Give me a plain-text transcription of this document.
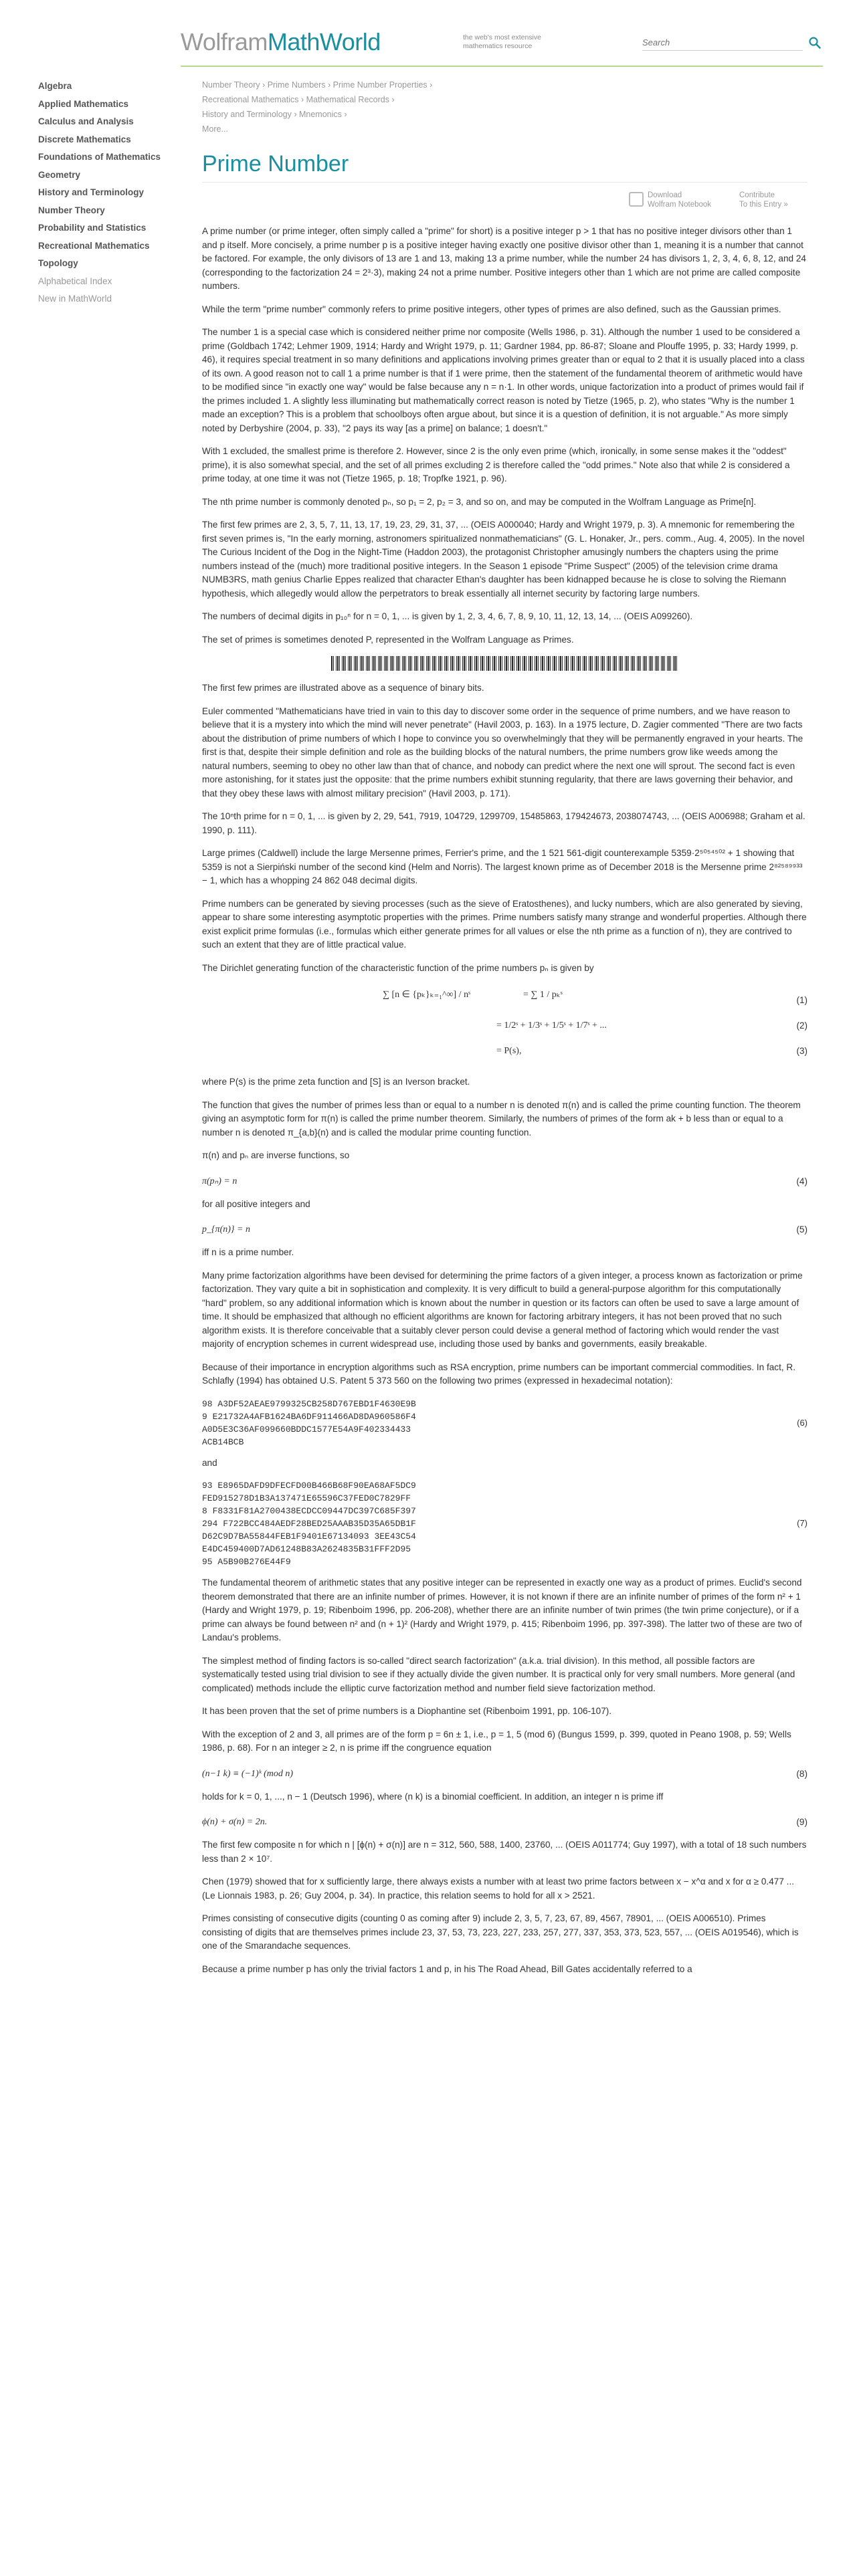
WolframMathWorld	the web's most extensive
mathematics resource
Search
Algebra
Applied Mathematics
Calculus and Analysis
Discrete Mathematics
Foundations of Mathematics
Geometry
History and Terminology
Number Theory
Probability and Statistics
Recreational Mathematics
Topology
Alphabetical Index
New in MathWorld
Number Theory › Prime Numbers › Prime Number Properties ›
Recreational Mathematics › Mathematical Records ›
History and Terminology › Mnemonics ›
More...
Prime Number
Download
Wolfram Notebook
Contribute
To this Entry »

A prime number (or prime integer, often simply called a "prime" for short) is a positive integer p > 1 that has no positive integer divisors other than 1 and p itself. More concisely, a prime number p is a positive integer having exactly one positive divisor other than 1, meaning it is a number that cannot be factored. For example, the only divisors of 13 are 1 and 13, making 13 a prime number, while the number 24 has divisors 1, 2, 3, 4, 6, 8, 12, and 24 (corresponding to the factorization 24 = 2³·3), making 24 not a prime number. Positive integers other than 1 which are not prime are called composite numbers.

While the term "prime number" commonly refers to prime positive integers, other types of primes are also defined, such as the Gaussian primes.

The number 1 is a special case which is considered neither prime nor composite (Wells 1986, p. 31). Although the number 1 used to be considered a prime (Goldbach 1742; Lehmer 1909, 1914; Hardy and Wright 1979, p. 11; Gardner 1984, pp. 86-87; Sloane and Plouffe 1995, p. 33; Hardy 1999, p. 46), it requires special treatment in so many definitions and applications involving primes greater than or equal to 2 that it is usually placed into a class of its own. A good reason not to call 1 a prime number is that if 1 were prime, then the statement of the fundamental theorem of arithmetic would have to be modified since "in exactly one way" would be false because any n = n·1. In other words, unique factorization into a product of primes would fail if the primes included 1. A slightly less illuminating but mathematically correct reason is noted by Tietze (1965, p. 2), who states "Why is the number 1 made an exception? This is a problem that schoolboys often argue about, but since it is a question of definition, it is not arguable." As more simply noted by Derbyshire (2004, p. 33), "2 pays its way [as a prime] on balance; 1 doesn't."

With 1 excluded, the smallest prime is therefore 2. However, since 2 is the only even prime (which, ironically, in some sense makes it the "oddest" prime), it is also somewhat special, and the set of all primes excluding 2 is therefore called the "odd primes." Note also that while 2 is considered a prime today, at one time it was not (Tietze 1965, p. 18; Tropfke 1921, p. 96).

The nth prime number is commonly denoted pₙ, so p₁ = 2, p₂ = 3, and so on, and may be computed in the Wolfram Language as Prime[n].

The first few primes are 2, 3, 5, 7, 11, 13, 17, 19, 23, 29, 31, 37, ... (OEIS A000040; Hardy and Wright 1979, p. 3). A mnemonic for remembering the first seven primes is, "In the early morning, astronomers spiritualized nonmathematicians" (G. L. Honaker, Jr., pers. comm., Aug. 4, 2005). In the novel The Curious Incident of the Dog in the Night-Time (Haddon 2003), the protagonist Christopher amusingly numbers the chapters using the prime numbers instead of the (much) more traditional positive integers. In the Season 1 episode "Prime Suspect" (2005) of the television crime drama NUMB3RS, math genius Charlie Eppes realized that character Ethan's daughter has been kidnapped because he is close to solving the Riemann hypothesis, which allegedly would allow the perpetrators to break essentially all internet security by factoring large numbers.

The numbers of decimal digits in p₁₀ⁿ for n = 0, 1, ... is given by 1, 2, 3, 4, 6, 7, 8, 9, 10, 11, 12, 13, 14, ... (OEIS A099260).

The set of primes is sometimes denoted P, represented in the Wolfram Language as Primes.

The first few primes are illustrated above as a sequence of binary bits.

Euler commented "Mathematicians have tried in vain to this day to discover some order in the sequence of prime numbers, and we have reason to believe that it is a mystery into which the mind will never penetrate" (Havil 2003, p. 163). In a 1975 lecture, D. Zagier commented "There are two facts about the distribution of prime numbers of which I hope to convince you so overwhelmingly that they will be permanently engraved in your hearts. The first is that, despite their simple definition and role as the building blocks of the natural numbers, the prime numbers grow like weeds among the natural numbers, seeming to obey no other law than that of chance, and nobody can predict where the next one will sprout. The second fact is even more astonishing, for it states just the opposite: that the prime numbers exhibit stunning regularity, that there are laws governing their behavior, and that they obey these laws with almost military precision" (Havil 2003, p. 171).

The 10ⁿth prime for n = 0, 1, ... is given by 2, 29, 541, 7919, 104729, 1299709, 15485863, 179424673, 2038074743, ... (OEIS A006988; Graham et al. 1990, p. 111).

Large primes (Caldwell) include the large Mersenne primes, Ferrier's prime, and the 1 521 561-digit counterexample 5359·2⁵⁰⁵⁴⁵⁰² + 1 showing that 5359 is not a Sierpiński number of the second kind (Helm and Norris). The largest known prime as of December 2018 is the Mersenne prime 2⁸²⁵⁸⁹⁹³³ − 1, which has a whopping 24 862 048 decimal digits.

Prime numbers can be generated by sieving processes (such as the sieve of Eratosthenes), and lucky numbers, which are also generated by sieving, appear to share some interesting asymptotic properties with the primes. Prime numbers satisfy many strange and wonderful properties. Although there exist explicit prime formulas (i.e., formulas which either generate primes for all values or else the nth prime as a function of n), they are contrived to such an extent that they are of little practical value.

The Dirichlet generating function of the characteristic function of the prime numbers pₙ is given by

∑ [n ∈ {pₖ}ₖ₌₁^∞] / nˢ	= ∑ 1 / pₖˢ
(1)
= 1/2ˢ + 1/3ˢ + 1/5ˢ + 1/7ˢ + ...	(2)
= P(s),	(3)

where P(s) is the prime zeta function and [S] is an Iverson bracket.

The function that gives the number of primes less than or equal to a number n is denoted π(n) and is called the prime counting function. The theorem giving an asymptotic form for π(n) is called the prime number theorem. Similarly, the numbers of primes of the form ak + b less than or equal to a number n is denoted π_{a,b}(n) and is called the modular prime counting function.

π(n) and pₙ are inverse functions, so

π(pₙ) = n	(4)

for all positive integers and

p_{π(n)} = n	(5)

iff n is a prime number.

Many prime factorization algorithms have been devised for determining the prime factors of a given integer, a process known as factorization or prime factorization. They vary quite a bit in sophistication and complexity. It is very difficult to build a general-purpose algorithm for this computationally "hard" problem, so any additional information which is known about the number in question or its factors can often be used to save a large amount of time. It should be emphasized that although no efficient algorithms are known for factoring arbitrary integers, it has not been proved that no such algorithm exists. It is therefore conceivable that a suitably clever person could devise a general method of factoring which would render the vast majority of encryption schemes in current widespread use, including those used by banks and governments, easily breakable.

Because of their importance in encryption algorithms such as RSA encryption, prime numbers can be important commercial commodities. In fact, R. Schlafly (1994) has obtained U.S. Patent 5 373 560 on the following two primes (expressed in hexadecimal notation):

98 A3DF52AEAE9799325CB258D767EBD1F4630E9B
9 E21732A4AFB1624BA6DF911466AD8DA960586F4
A0D5E3C36AF099660BDDC1577E54A9F402334433
ACB14BCB
(6)

and

93 E8965DAFD9DFECFD00B466B68F90EA68AF5DC9
FED915278D1B3A137471E65596C37FED0C7829FF
8 F8331F81A2700438ECDCC09447DC397C685F397
294 F722BCC484AEDF28BED25AAAB35D35A65DB1F
D62C9D7BA55844FEB1F9401E67134093 3EE43C54
E4DC459400D7AD61248B83A2624835B31FFF2D95
95 A5B90B276E44F9
(7)

The fundamental theorem of arithmetic states that any positive integer can be represented in exactly one way as a product of primes. Euclid's second theorem demonstrated that there are an infinite number of primes. However, it is not known if there are an infinite number of primes of the form n² + 1 (Hardy and Wright 1979, p. 19; Ribenboim 1996, pp. 206-208), whether there are an infinite number of twin primes (the twin prime conjecture), or if a prime can always be found between n² and (n + 1)² (Hardy and Wright 1979, p. 415; Ribenboim 1996, pp. 397-398). The latter two of these are two of Landau's problems.

The simplest method of finding factors is so-called "direct search factorization" (a.k.a. trial division). In this method, all possible factors are systematically tested using trial division to see if they actually divide the given number. It is practical only for very small numbers. More general (and complicated) methods include the elliptic curve factorization method and number field sieve factorization method.

It has been proven that the set of prime numbers is a Diophantine set (Ribenboim 1991, pp. 106-107).

With the exception of 2 and 3, all primes are of the form p = 6n ± 1, i.e., p = 1, 5 (mod 6) (Bungus 1599, p. 399, quoted in Peano 1908, p. 59; Wells 1986, p. 68). For n an integer ≥ 2, n is prime iff the congruence equation

(n−1 k) ≡ (−1)ᵏ (mod n)	(8)

holds for k = 0, 1, ..., n − 1 (Deutsch 1996), where (n k) is a binomial coefficient. In addition, an integer n is prime iff

ϕ(n) + σ(n) = 2n.	(9)

The first few composite n for which n | [ϕ(n) + σ(n)] are n = 312, 560, 588, 1400, 23760, ... (OEIS A011774; Guy 1997), with a total of 18 such numbers less than 2 × 10⁷.

Chen (1979) showed that for x sufficiently large, there always exists a number with at least two prime factors between x − x^α and x for α ≥ 0.477 ... (Le Lionnais 1983, p. 26; Guy 2004, p. 34). In practice, this relation seems to hold for all x > 2521.

Primes consisting of consecutive digits (counting 0 as coming after 9) include 2, 3, 5, 7, 23, 67, 89, 4567, 78901, ... (OEIS A006510). Primes consisting of digits that are themselves primes include 23, 37, 53, 73, 223, 227, 233, 257, 277, 337, 353, 373, 523, 557, ... (OEIS A019546), which is one of the Smarandache sequences.

Because a prime number p has only the trivial factors 1 and p, in his The Road Ahead, Bill Gates accidentally referred to a
